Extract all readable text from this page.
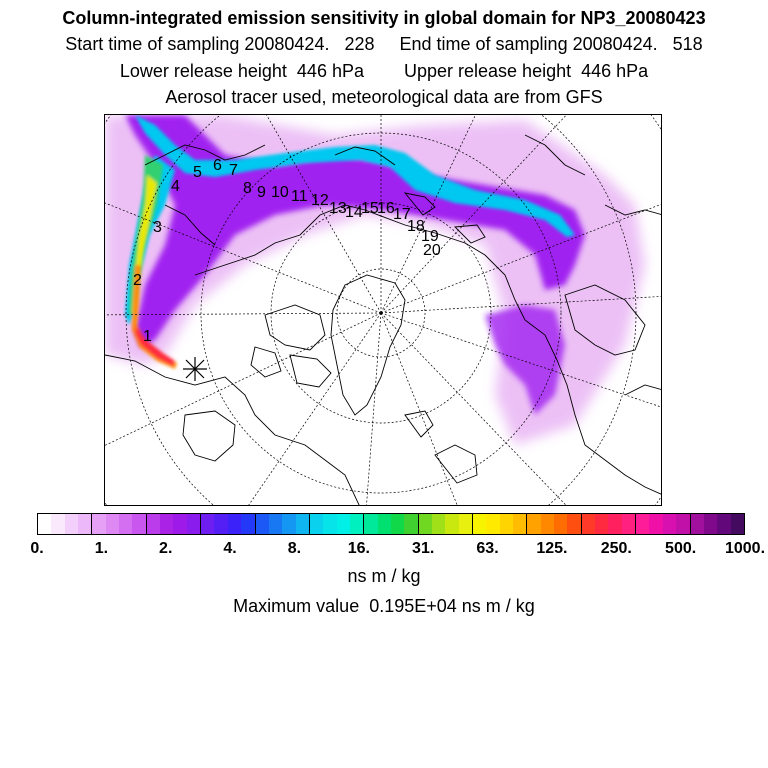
Column-integrated emission sensitivity in global domain for NP3_20080423
Start time of sampling 20080424.   228     End time of sampling 20080424.   518
Lower release height  446 hPa        Upper release height  446 hPa
Aerosol tracer used, meteorological data are from GFS
1
2
3
4
5 6 7
8 9 10 11 12 13
14
15
16
17
18
19
20
0.	1.	2.	4.	8.	16.	31.	63. 125. 250. 500. 1000.
ns m / kg
Maximum value  0.195E+04 ns m / kg
